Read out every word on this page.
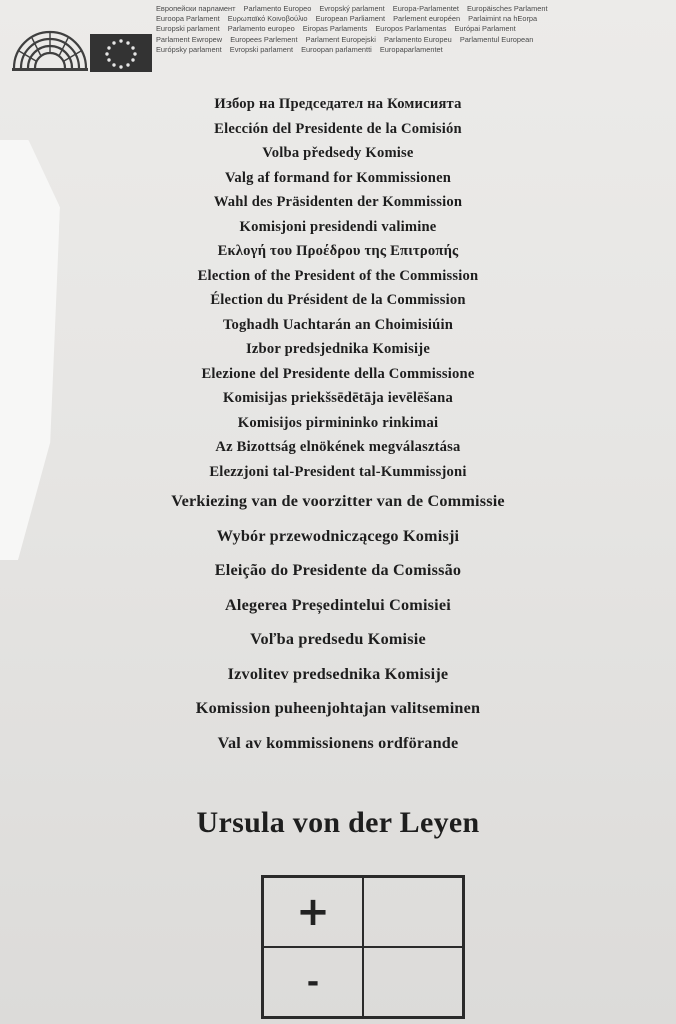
Европейски парламент Parlamento Europeo Evropský parlament Europa-Parlamentet Europäisches Parlament
Euroopa Parlament Ευρωπαϊκό Κοινοβούλιο European Parliament Parlement européen Parlaimint na hEorpa
Europski parlament Parlamento europeo Eiropas Parlaments Europos Parlamentas Európai Parlament
Parlament Ewropew Europees Parlement Parlament Europejski Parlamento Europeu Parlamentul European
Európsky parlament Evropski parlament Euroopan parlamentti Europaparlamentet
Избор на Председател на Комисията
Elección del Presidente de la Comisión
Volba předsedy Komise
Valg af formand for Kommissionen
Wahl des Präsidenten der Kommission
Komisjoni presidendi valimine
Εκλογή του Προέδρου της Επιτροπής
Election of the President of the Commission
Élection du Président de la Commission
Toghadh Uachtarán an Choimisiúin
Izbor predsjednika Komisije
Elezione del Presidente della Commissione
Komisijas priekšsēdētāja ievēlēšana
Komisijos pirmininko rinkimai
Az Bizottság elnökének megválasztása
Elezzjoni tal-President tal-Kummissjoni
Verkiezing van de voorzitter van de Commissie
Wybór przewodniczącego Komisji
Eleição do Presidente da Comissão
Alegerea Președintelui Comisiei
Voľba predsedu Komisie
Izvolitev predsednika Komisije
Komission puheenjohtajan valitseminen
Val av kommissionens ordförande
Ursula von der Leyen
+
-
